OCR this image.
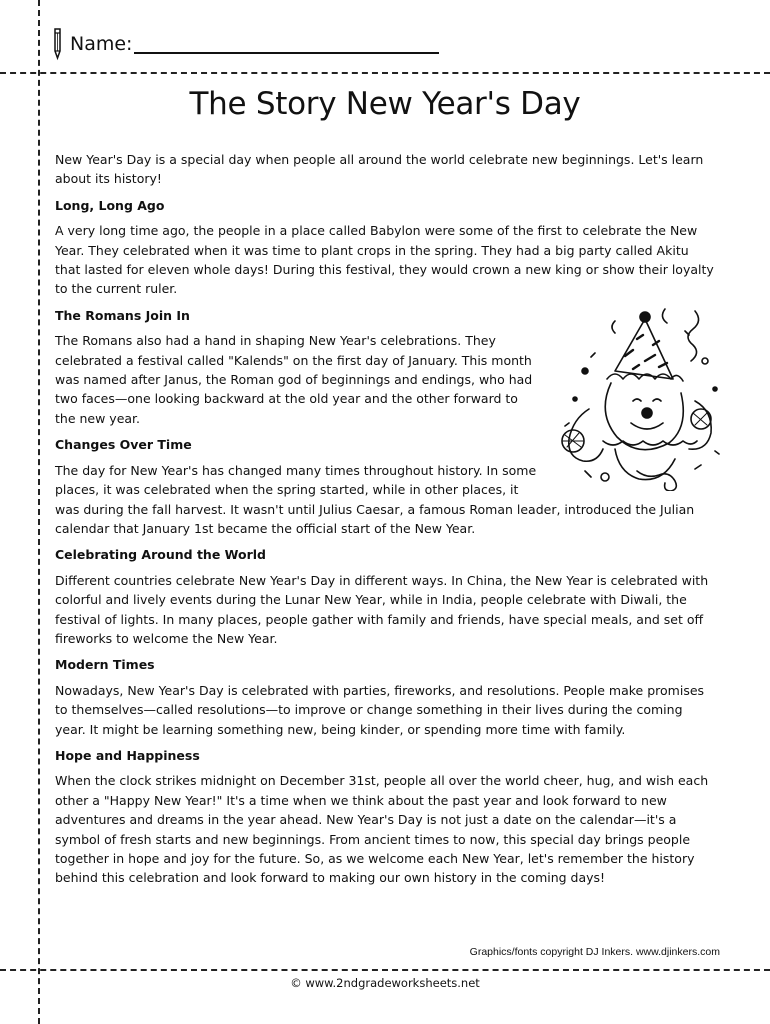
Name:
The Story New Year's Day

New Year's Day is a special day when people all around the world celebrate new beginnings. Let's learn about its history!

Long, Long Ago

A very long time ago, the people in a place called Babylon were some of the first to celebrate the New Year. They celebrated when it was time to plant crops in the spring. They had a big party called Akitu that lasted for eleven whole days! During this festival, they would crown a new king or show their loyalty to the current ruler.

The Romans Join In

The Romans also had a hand in shaping New Year's celebrations. They celebrated a festival called "Kalends" on the first day of January. This month was named after Janus, the Roman god of beginnings and endings, who had two faces—one looking backward at the old year and the other forward to the new year.

Changes Over Time

The day for New Year's has changed many times throughout history. In some places, it was celebrated when the spring started, while in other places, it was during the fall harvest. It wasn't until Julius Caesar, a famous Roman leader, introduced the Julian calendar that January 1st became the official start of the New Year.

Celebrating Around the World

Different countries celebrate New Year's Day in different ways. In China, the New Year is celebrated with colorful and lively events during the Lunar New Year, while in India, people celebrate with Diwali, the festival of lights. In many places, people gather with family and friends, have special meals, and set off fireworks to welcome the New Year.

Modern Times

Nowadays, New Year's Day is celebrated with parties, fireworks, and resolutions. People make promises to themselves—called resolutions—to improve or change something in their lives during the coming year. It might be learning something new, being kinder, or spending more time with family.

Hope and Happiness

When the clock strikes midnight on December 31st, people all over the world cheer, hug, and wish each other a "Happy New Year!" It's a time when we think about the past year and look forward to new adventures and dreams in the year ahead. New Year's Day is not just a date on the calendar—it's a symbol of fresh starts and new beginnings. From ancient times to now, this special day brings people together in hope and joy for the future. So, as we welcome each New Year, let's remember the history behind this celebration and look forward to making our own history in the coming days!

Graphics/fonts copyright DJ Inkers. www.djinkers.com
© www.2ndgradeworksheets.net
